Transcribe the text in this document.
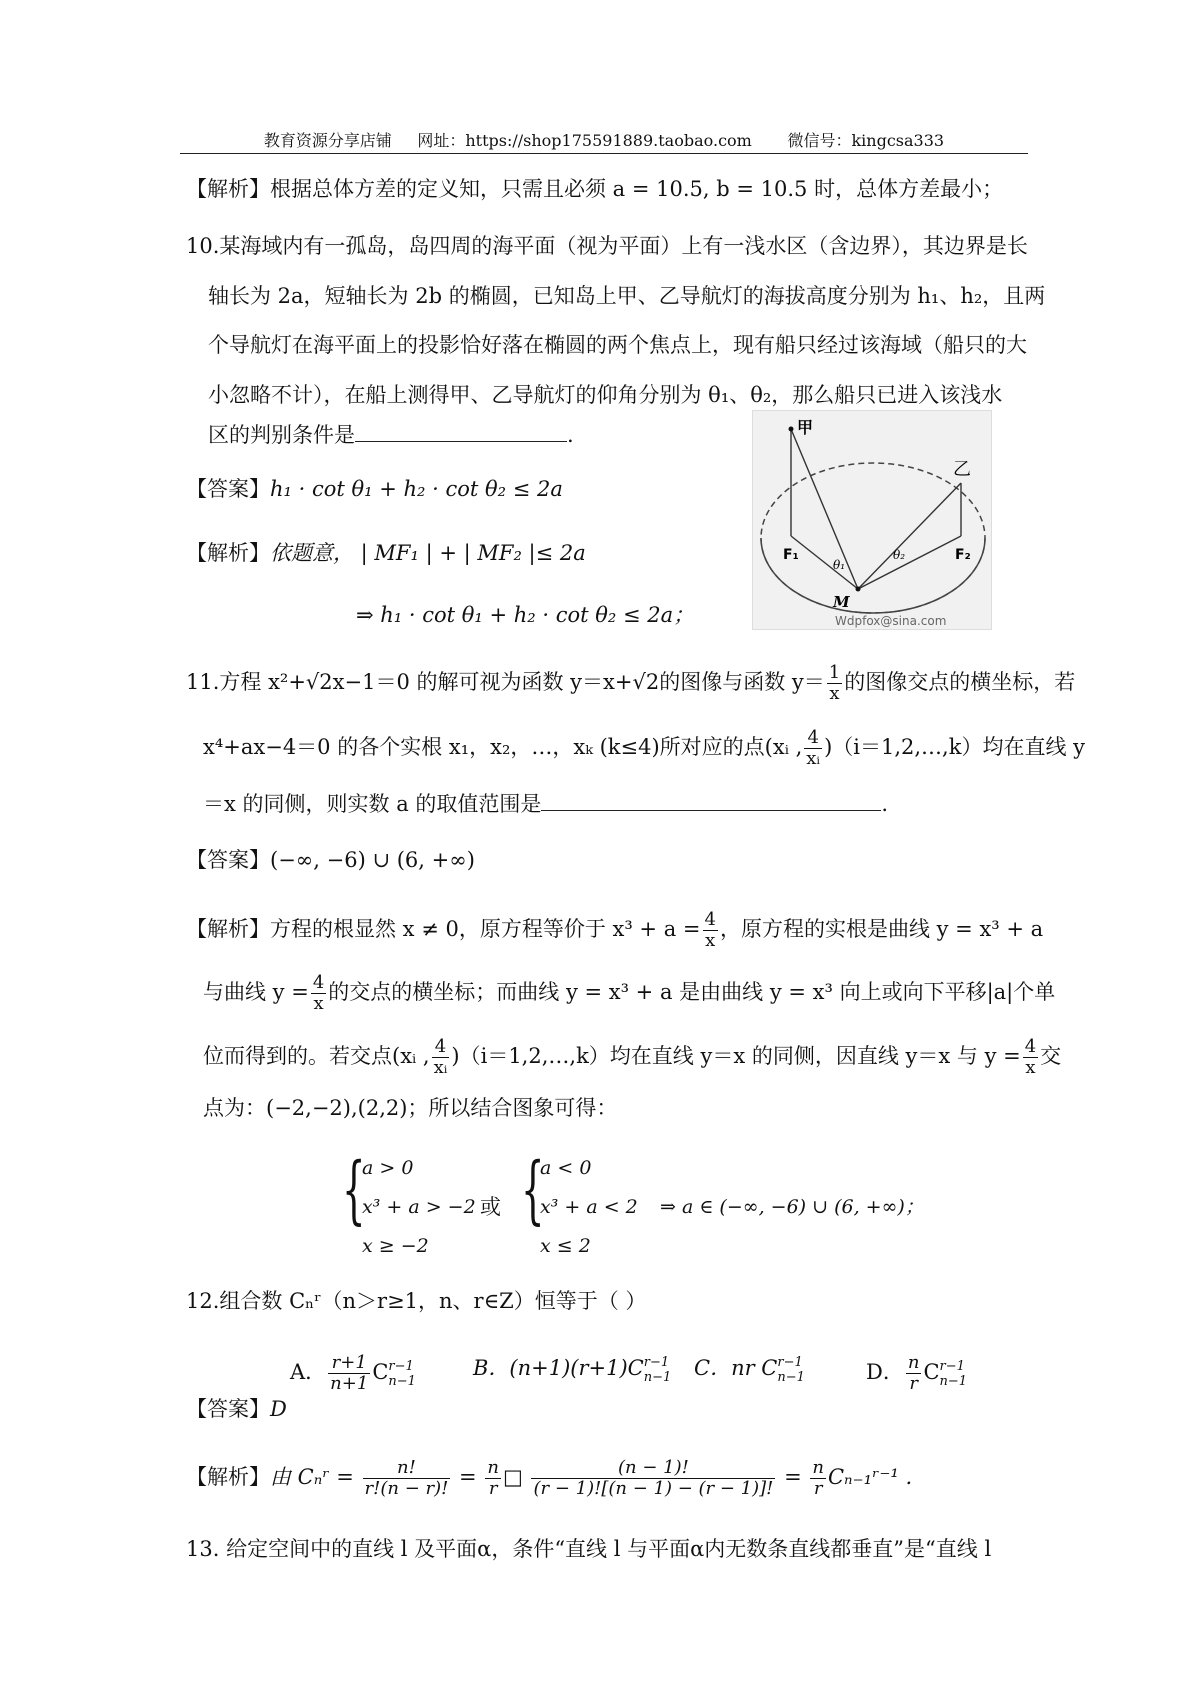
教育资源分享店铺 网址：https://shop175591889.taobao.com 微信号：kingcsa333
【解析】根据总体方差的定义知，只需且必须 a = 10.5, b = 10.5 时，总体方差最小；
10.某海域内有一孤岛，岛四周的海平面（视为平面）上有一浅水区（含边界），其边界是长
轴长为 2a，短轴长为 2b 的椭圆，已知岛上甲、乙导航灯的海拔高度分别为 h₁、h₂，且两
个导航灯在海平面上的投影恰好落在椭圆的两个焦点上，现有船只经过该海域（船只的大
小忽略不计），在船上测得甲、乙导航灯的仰角分别为 θ₁、θ₂，那么船只已进入该浅水
区的判别条件是	.
【答案】h₁ · cot θ₁ + h₂ · cot θ₂ ≤ 2a
【解析】依题意， | MF₁ | + | MF₂ |≤ 2a
⇒ h₁ · cot θ₁ + h₂ · cot θ₂ ≤ 2a；
甲
乙
F₁	F₂
M
θ₁
θ₂
Wdpfox@sina.com
11.方程 x²+√2x−1＝0 的解可视为函数 y＝x+√2的图像与函数 $y= \frac{1}{x}$ 的图像交点的横坐标，若
x⁴+ax−4＝0 的各个实根 x₁，x₂，…，xₖ (k≤4)所对应的点(xᵢ , $\frac{4}{\text{xᵢ}}$ )（i＝1,2,…,k）均在直线 y
＝x 的同侧，则实数 a 的取值范围是	.
【答案】(−∞, −6) ∪ (6, +∞)
【解析】方程的根显然 x ≠ 0，原方程等价于 $x^3 + a = \frac{4}{x}$ ，原方程的实根是曲线 y = x³ + a
与曲线 $y = \frac{4}{x}$ 的交点的横坐标；而曲线 y = x³ + a 是由曲线 y = x³ 向上或向下平移|a|个单
位而得到的。若交点(xᵢ , $\frac{4}{\text{xᵢ}}$ )（i＝1,2,…,k）均在直线 y＝x 的同侧，因直线 y＝x 与 $y = \frac{4}{x}$ 交
点为：(−2,−2),(2,2)；所以结合图象可得：
{
a > 0
x³ + a > −2
x ≥ −2
或 {
a < 0
x³ + a < 2
x ≤ 2
⇒ a ∈ (−∞, −6) ∪ (6, +∞)；
12.组合数 Cₙʳ（n＞r≥1，n、r∈Z）恒等于（ ）
A． $\frac{r+1}{n+1}$ C r−1
n−1
B．(n+1)(r+1)C r−1
n−1 C．nr C r−1
n−1	D． $\frac{n}{r}$ C r−1
n−1
【答案】D
【解析】由 Cₙʳ = $\frac{n!}{r!(n - r)!} = \frac{n}{r}$ □ $\frac{(n - 1)!}{(r - 1)![(n - 1) - (r - 1)]!} = \frac{n}{r}$ Cₙ₋₁ʳ⁻¹ .
13. 给定空间中的直线 l 及平面α，条件“直线 l 与平面α内无数条直线都垂直”是“直线 l
